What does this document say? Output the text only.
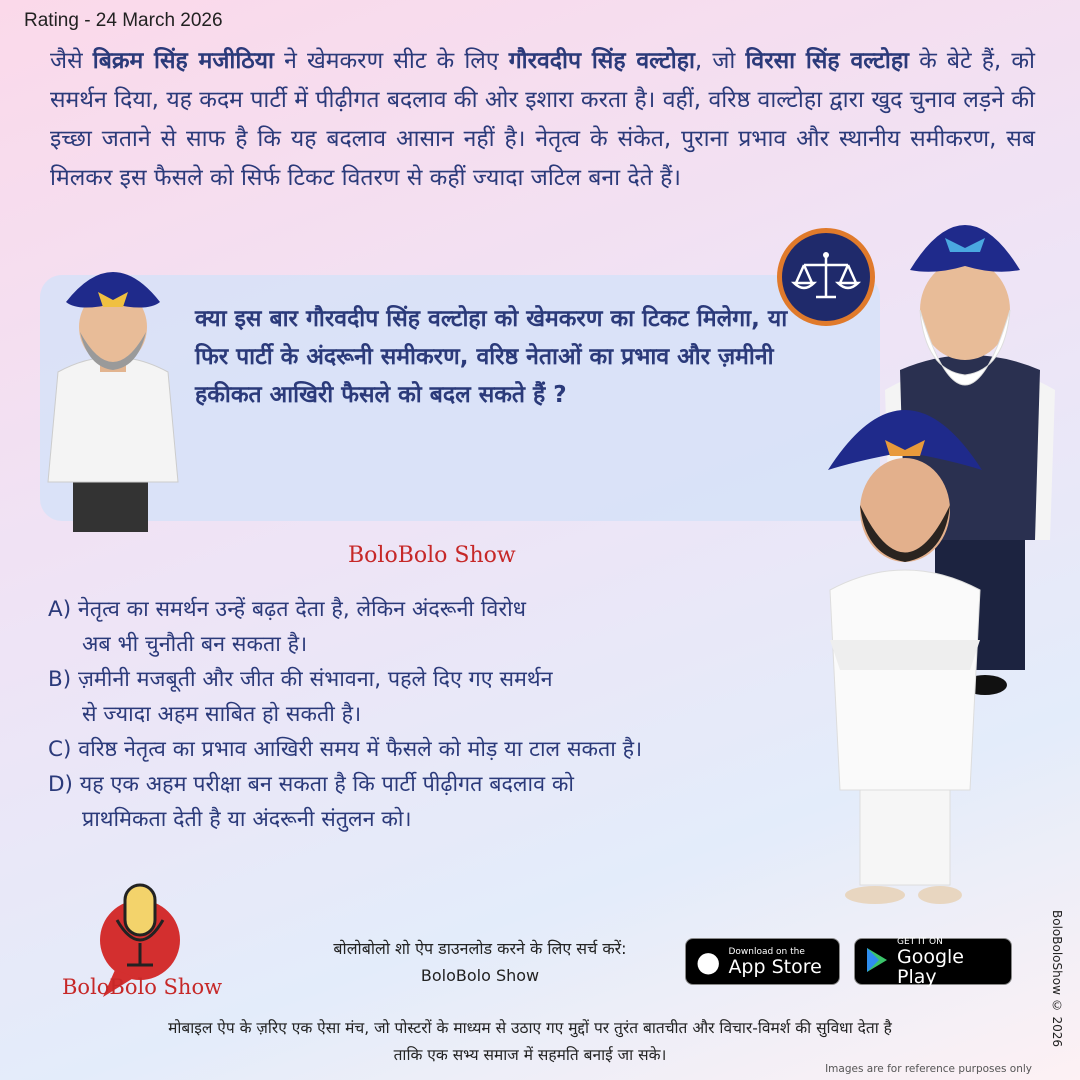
Rating - 24 March 2026
जैसे बिक्रम सिंह मजीठिया ने खेमकरण सीट के लिए गौरवदीप सिंह वल्टोहा, जो विरसा सिंह वल्टोहा के बेटे हैं, को समर्थन दिया, यह कदम पार्टी में पीढ़ीगत बदलाव की ओर इशारा करता है। वहीं, वरिष्ठ वाल्टोहा द्वारा खुद चुनाव लड़ने की इच्छा जताने से साफ है कि यह बदलाव आसान नहीं है। नेतृत्व के संकेत, पुराना प्रभाव और स्थानीय समीकरण, सब मिलकर इस फैसले को सिर्फ टिकट वितरण से कहीं ज्यादा जटिल बना देते हैं।
क्या इस बार गौरवदीप सिंह वल्टोहा को खेमकरण का टिकट मिलेगा, या फिर पार्टी के अंदरूनी समीकरण, वरिष्ठ नेताओं का प्रभाव और ज़मीनी हकीकत आखिरी फैसले को बदल सकते हैं ?
BoloBolo Show
A) नेतृत्व का समर्थन उन्हें बढ़त देता है, लेकिन अंदरूनी विरोध
अब भी चुनौती बन सकता है।
B) ज़मीनी मजबूती और जीत की संभावना, पहले दिए गए समर्थन
से ज्यादा अहम साबित हो सकती है।
C) वरिष्ठ नेतृत्व का प्रभाव आखिरी समय में फैसले को मोड़ या टाल सकता है।
D) यह एक अहम परीक्षा बन सकता है कि पार्टी पीढ़ीगत बदलाव को
प्राथमिकता देती है या अंदरूनी संतुलन को।
BoloBolo Show
बोलोबोलो शो ऐप डाउनलोड करने के लिए सर्च करें:
BoloBolo Show	● Download on the
App Store
GET IT ON
Google Play
मोबाइल ऐप के ज़रिए एक ऐसा मंच, जो पोस्टरों के माध्यम से उठाए गए मुद्दों पर तुरंत बातचीत और विचार-विमर्श की सुविधा देता है
ताकि एक सभ्य समाज में सहमति बनाई जा सके।
Images are for reference purposes only
BoloBoloShow © 2026
